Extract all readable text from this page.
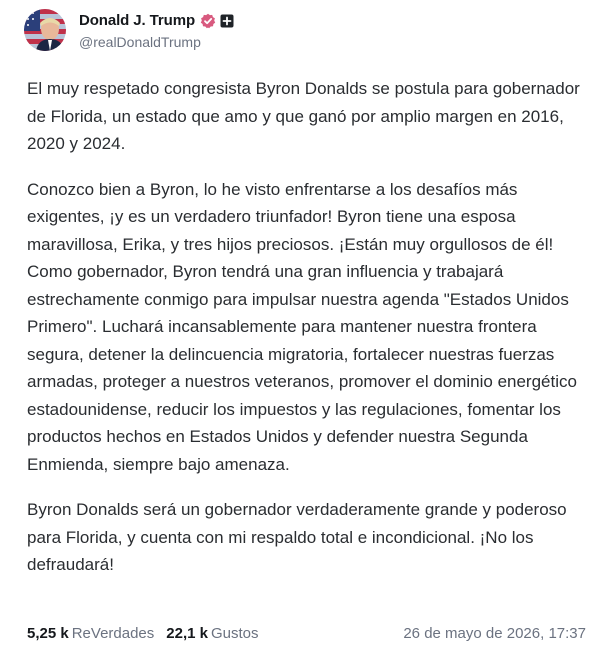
Donald J. Trump
@realDonaldTrump

El muy respetado congresista Byron Donalds se postula para gobernador de Florida, un estado que amo y que ganó por amplio margen en 2016, 2020 y 2024.

Conozco bien a Byron, lo he visto enfrentarse a los desafíos más exigentes, ¡y es un verdadero triunfador! Byron tiene una esposa maravillosa, Erika, y tres hijos preciosos. ¡Están muy orgullosos de él! Como gobernador, Byron tendrá una gran influencia y trabajará estrechamente conmigo para impulsar nuestra agenda "Estados Unidos Primero". Luchará incansablemente para mantener nuestra frontera segura, detener la delincuencia migratoria, fortalecer nuestras fuerzas armadas, proteger a nuestros veteranos, promover el dominio energético estadounidense, reducir los impuestos y las regulaciones, fomentar los productos hechos en Estados Unidos y defender nuestra Segunda Enmienda, siempre bajo amenaza.

Byron Donalds será un gobernador verdaderamente grande y poderoso para Florida, y cuenta con mi respaldo total e incondicional. ¡No los defraudará!

5,25 k ReVerdades 22,1 k Gustos	26 de mayo de 2026, 17:37
